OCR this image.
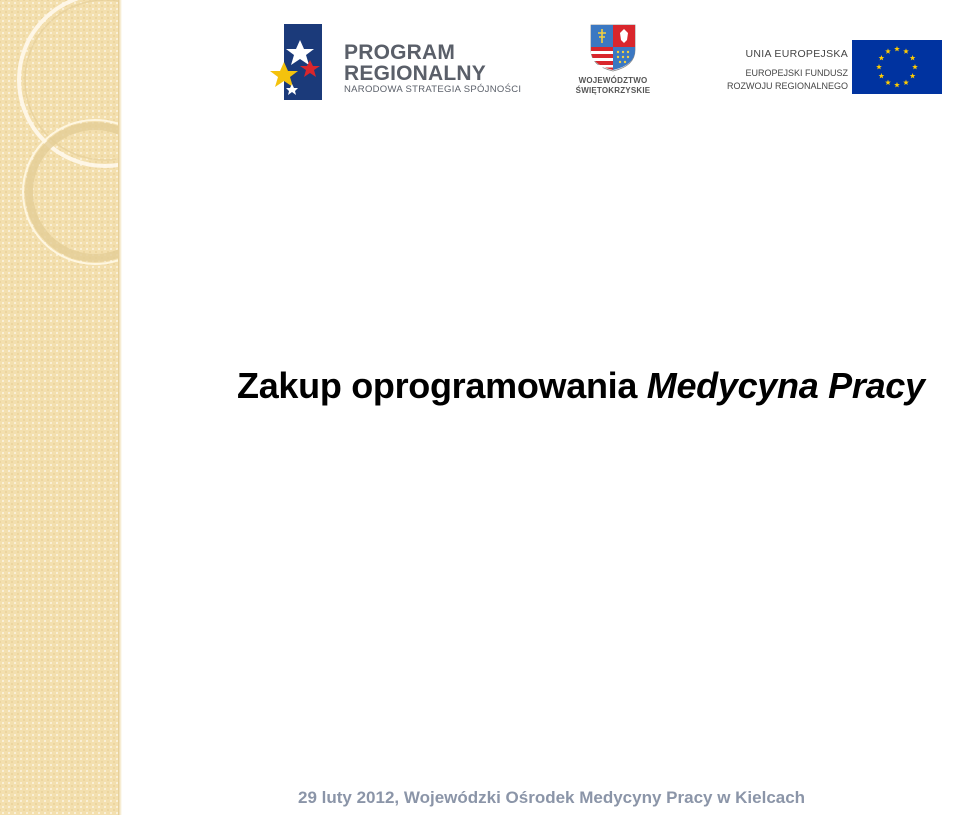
PROGRAM
REGIONALNY
NARODOWA STRATEGIA SPÓJNOŚCI
WOJEWÓDZTWO
ŚWIĘTOKRZYSKIE
UNIA EUROPEJSKA
EUROPEJSKI FUNDUSZ
ROZWOJU REGIONALNEGO
Zakup oprogramowania Medycyna Pracy
29 luty 2012, Wojewódzki Ośrodek Medycyny Pracy w Kielcach
